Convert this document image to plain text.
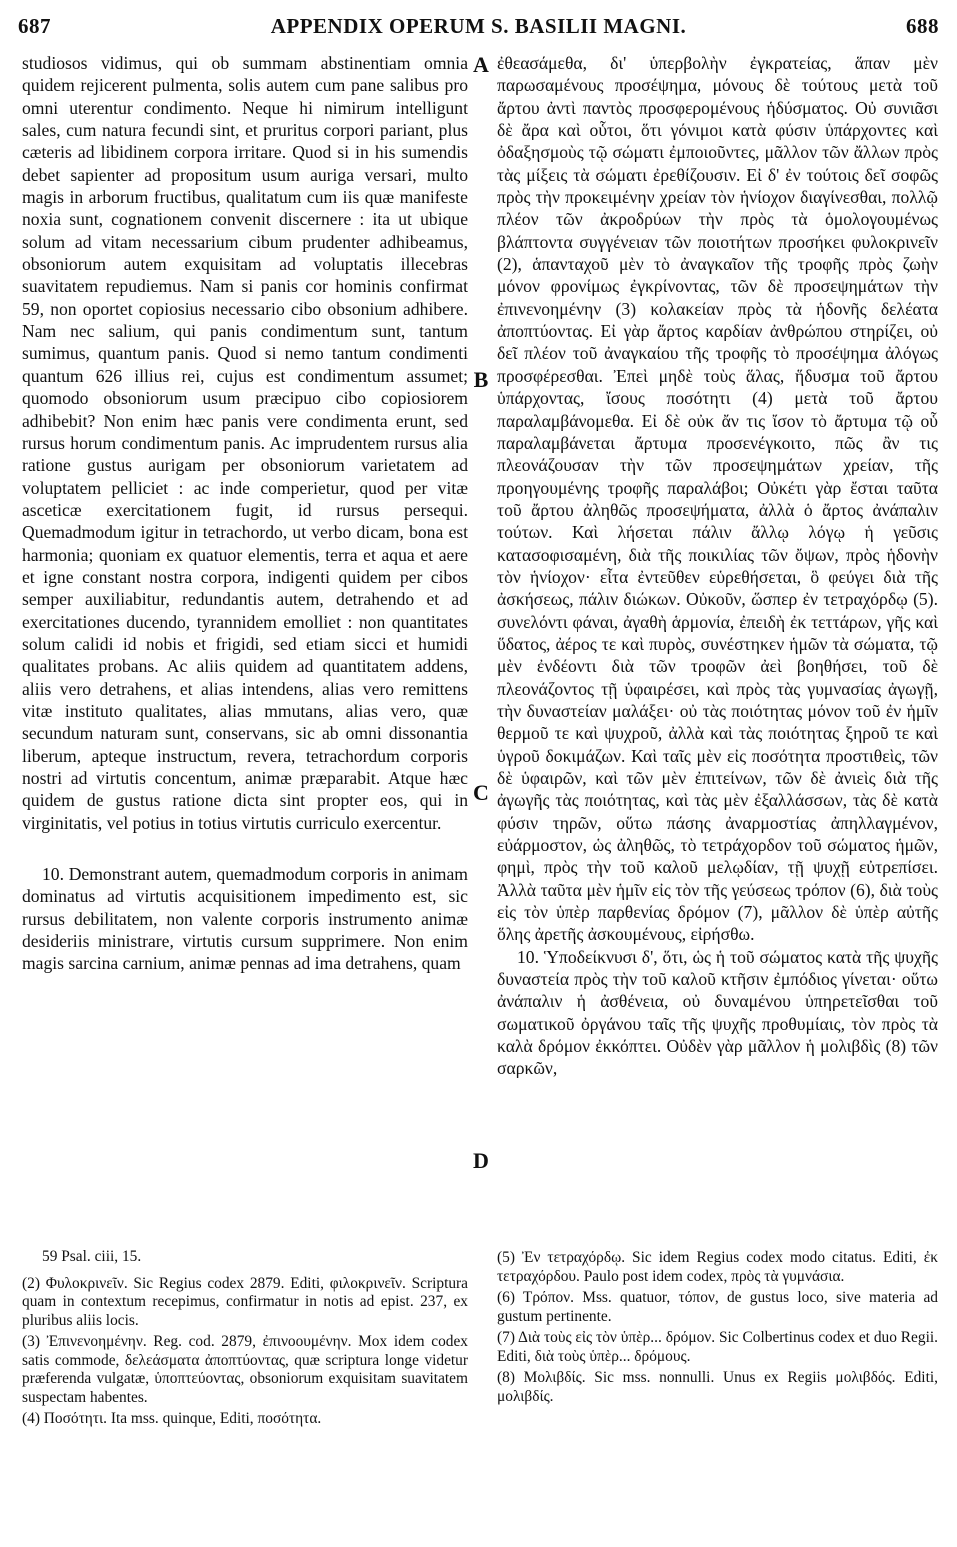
687	APPENDIX OPERUM S. BASILII MAGNI.	688

studiosos vidimus, qui ob summam abstinentiam omnia quidem rejicerent pulmenta, solis autem cum pane salibus pro omni uterentur condimento. Neque hi nimirum intelligunt sales, cum natura fecundi sint, et pruritus corpori pariant, plus cæteris ad libidinem corpora irritare. Quod si in his sumendis debet sapienter ad propositum usum auriga versari, multo magis in arborum fructibus, qualitatum cum iis quæ manifeste noxia sunt, cognationem convenit discernere : ita ut ubique solum ad vitam necessarium cibum prudenter adhibeamus, obsoniorum autem exquisitam ad voluptatis illecebras suavitatem repudiemus. Nam si panis cor hominis confirmat 59, non oportet copiosius necessario cibo obsonium adhibere. Nam nec salium, qui panis condimentum sunt, tantum sumimus, quantum panis. Quod si nemo tantum condimenti quantum 626 illius rei, cujus est condimentum assumet; quomodo obsoniorum usum præcipuo cibo copiosiorem adhibebit? Non enim hæc panis vere condimenta erunt, sed rursus horum condimentum panis. Ac imprudentem rursus alia ratione gustus aurigam per obsoniorum varietatem ad voluptatem pelliciet : ac inde comperietur, quod per vitæ asceticæ exercitationem fugit, id rursus persequi. Quemadmodum igitur in tetrachordo, ut verbo dicam, bona est harmonia; quoniam ex quatuor elementis, terra et aqua et aere et igne constant nostra corpora, indigenti quidem per cibos semper auxiliabitur, redundantis autem, detrahendo et ad exercitationes ducendo, tyrannidem emolliet : non quantitates solum calidi id nobis et frigidi, sed etiam sicci et humidi qualitates probans. Ac aliis quidem ad quantitatem addens, aliis vero detrahens, et alias intendens, alias vero remittens vitæ instituto qualitates, alias mmutans, alias vero, quæ secundum naturam sunt, conservans, sic ab omni dissonantia liberum, apteque instructum, revera, tetrachordum corporis nostri ad virtutis concentum, animæ præparabit. Atque hæc quidem de gustus ratione dicta sint propter eos, qui in virginitatis, vel potius in totius virtutis curriculo exercentur.

10. Demonstrant autem, quemadmodum corporis in animam dominatus ad virtutis acquisitionem impedimento est, sic rursus debilitatem, non valente corporis instrumento animæ desideriis ministrare, virtutis cursum supprimere. Non enim magis sarcina carnium, animæ pennas ad ima detrahens, quam

A
B
C
D

ἐθεασάμεθα, δι' ὑπερβολὴν ἐγκρατείας, ἅπαν μὲν παρωσαμένους προσέψημα, μόνους δὲ τούτους μετὰ τοῦ ἄρτου ἀντὶ παντὸς προσφερομένους ἡδύσματος. Οὐ συνιᾶσι δὲ ἄρα καὶ οὗτοι, ὅτι γόνιμοι κατὰ φύσιν ὑπάρχοντες καὶ ὀδαξησμοὺς τῷ σώματι ἐμποιοῦντες, μᾶλλον τῶν ἄλλων πρὸς τὰς μίξεις τὰ σώματι ἐρεθίζουσιν. Εἰ δ' ἐν τούτοις δεῖ σοφῶς πρὸς τὴν προκειμένην χρείαν τὸν ἡνίοχον διαγίνεσθαι, πολλῷ πλέον τῶν ἀκροδρύων τὴν πρὸς τὰ ὁμολογουμένως βλάπτοντα συγγένειαν τῶν ποιοτήτων προσήκει φυλοκρινεῖν (2), ἁπανταχοῦ μὲν τὸ ἀναγκαῖον τῆς τροφῆς πρὸς ζωὴν μόνον φρονίμως ἐγκρίνοντας, τῶν δὲ προσεψημάτων τὴν ἐπινενοημένην (3) κολακείαν πρὸς τὰ ἡδονῆς δελέατα ἀποπτύοντας. Εἰ γὰρ ἄρτος καρδίαν ἀνθρώπου στηρίζει, οὐ δεῖ πλέον τοῦ ἀναγκαίου τῆς τροφῆς τὸ προσέψημα ἀλόγως προσφέρεσθαι. Ἐπεὶ μηδὲ τοὺς ἅλας, ἥδυσμα τοῦ ἄρτου ὑπάρχοντας, ἴσους ποσότητι (4) μετὰ τοῦ ἄρτου παραλαμβάνομεθα. Εἰ δὲ οὐκ ἄν τις ἴσον τὸ ἄρτυμα τῷ οὗ παραλαμβάνεται ἄρτυμα προσενέγκοιτο, πῶς ἂν τις πλεονάζουσαν τὴν τῶν προσεψημάτων χρείαν, τῆς προηγουμένης τροφῆς παραλάβοι; Οὐκέτι γὰρ ἔσται ταῦτα τοῦ ἄρτου ἀληθῶς προσεψήματα, ἀλλὰ ὁ ἄρτος ἀνάπαλιν τούτων. Καὶ λήσεται πάλιν ἄλλῳ λόγῳ ἡ γεῦσις κατασοφισαμένη, διὰ τῆς ποικιλίας τῶν ὄψων, πρὸς ἡδονὴν τὸν ἡνίοχον· εἶτα ἐντεῦθεν εὑρεθήσεται, ὃ φεύγει διὰ τῆς ἀσκήσεως, πάλιν διώκων. Οὐκοῦν, ὥσπερ ἐν τετραχόρδῳ (5). συνελόντι φάναι, ἀγαθὴ ἁρμονία, ἐπειδὴ ἐκ τεττάρων, γῆς καὶ ὕδατος, ἀέρος τε καὶ πυρὸς, συνέστηκεν ἡμῶν τὰ σώματα, τῷ μὲν ἐνδέοντι διὰ τῶν τροφῶν ἀεὶ βοηθήσει, τοῦ δὲ πλεονάζοντος τῇ ὑφαιρέσει, καὶ πρὸς τὰς γυμνασίας ἀγωγῇ, τὴν δυναστείαν μαλάξει· οὐ τὰς ποιότητας μόνον τοῦ ἐν ἡμῖν θερμοῦ τε καὶ ψυχροῦ, ἀλλὰ καὶ τὰς ποιότητας ξηροῦ τε καὶ ὑγροῦ δοκιμάζων. Καὶ ταῖς μὲν εἰς ποσότητα προστιθεὶς, τῶν δὲ ὑφαιρῶν, καὶ τῶν μὲν ἐπιτείνων, τῶν δὲ ἀνιεὶς διὰ τῆς ἀγωγῆς τὰς ποιότητας, καὶ τὰς μὲν ἐξαλλάσσων, τὰς δὲ κατὰ φύσιν τηρῶν, οὕτω πάσης ἀναρμοστίας ἀπηλλαγμένον, εὐάρμοστον, ὡς ἀληθῶς, τὸ τετράχορδον τοῦ σώματος ἡμῶν, φημὶ, πρὸς τὴν τοῦ καλοῦ μελῳδίαν, τῇ ψυχῇ εὐτρεπίσει. Ἀλλὰ ταῦτα μὲν ἡμῖν εἰς τὸν τῆς γεύσεως τρόπον (6), διὰ τοὺς εἰς τὸν ὑπὲρ παρθενίας δρόμον (7), μᾶλλον δὲ ὑπὲρ αὐτῆς ὅλης ἀρετῆς ἀσκουμένους, εἰρήσθω.

10. Ὑποδείκνυσι δ', ὅτι, ὡς ἡ τοῦ σώματος κατὰ τῆς ψυχῆς δυναστεία πρὸς τὴν τοῦ καλοῦ κτῆσιν ἐμπόδιος γίνεται· οὕτω ἀνάπαλιν ἡ ἀσθένεια, οὐ δυναμένου ὑπηρετεῖσθαι τοῦ σωματικοῦ ὀργάνου ταῖς τῆς ψυχῆς προθυμίαις, τὸν πρὸς τὰ καλὰ δρόμον ἐκκόπτει. Οὐδὲν γὰρ μᾶλλον ἡ μολιβδὶς (8) τῶν σαρκῶν,

59 Psal. ciii, 15.

(2) Φυλοκρινεῖν. Sic Regius codex 2879. Editi, φιλοκρινεῖν. Scriptura quam in contextum recepimus, confirmatur in notis ad epist. 237, ex pluribus aliis locis.

(3) Ἐπινενοημένην. Reg. cod. 2879, ἐπινοουμένην. Mox idem codex satis commode, δελεάσματα ἀποπτύοντας, quæ scriptura longe videtur præferenda vulgatæ, ὑποπτεύοντας, obsoniorum exquisitam suavitatem suspectam habentes.

(4) Ποσότητι. Ita mss. quinque, Editi, ποσότητα.

(5) Ἐν τετραχόρδῳ. Sic idem Regius codex modo citatus. Editi, ἐκ τετραχόρδου. Paulo post idem codex, πρὸς τὰ γυμνάσια.

(6) Τρόπον. Mss. quatuor, τόπον, de gustus loco, sive materia ad gustum pertinente.

(7) Διὰ τοὺς εἰς τὸν ὑπὲρ... δρόμον. Sic Colbertinus codex et duo Regii. Editi, διὰ τοὺς ὑπὲρ... δρόμους.

(8) Μολιβδίς. Sic mss. nonnulli. Unus ex Regiis μολιβδός. Editi, μολιβδίς.
